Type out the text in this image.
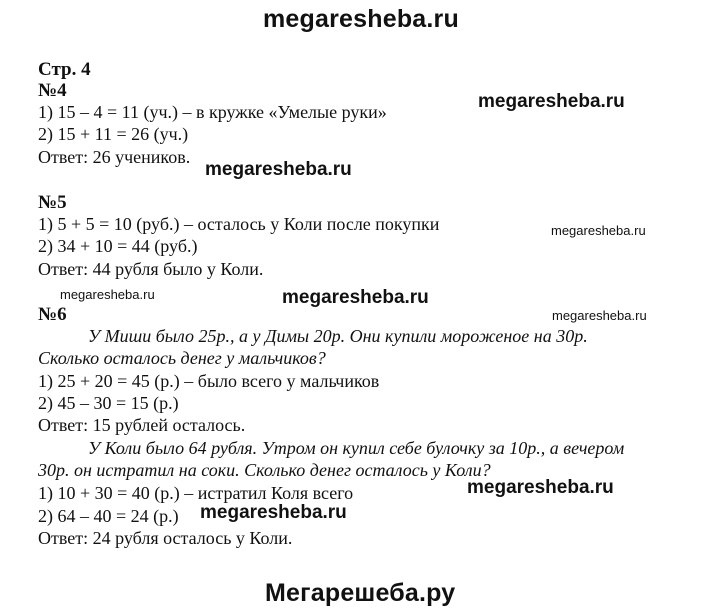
megaresheba.ru
Стр. 4
№4
1) 15 – 4 = 11 (уч.) – в кружке «Умелые руки»
2) 15 + 11 = 26 (уч.)
Ответ: 26 учеников.
№5
1) 5 + 5 = 10 (руб.) – осталось у Коли после покупки
2) 34 + 10 = 44 (руб.)
Ответ: 44 рубля было у Коли.
№6
У Миши было 25р., а у Димы 20р. Они купили мороженое на 30р.
Сколько осталось денег у мальчиков?
1) 25 + 20 = 45 (р.) – было всего у мальчиков
2) 45 – 30 = 15 (р.)
Ответ: 15 рублей осталось.
У Коли было 64 рубля. Утром он купил себе булочку за 10р., а вечером
30р. он истратил на соки. Сколько денег осталось у Коли?
1) 10 + 30 = 40 (р.) – истратил Коля всего
2) 64 – 40 = 24 (р.)
Ответ: 24 рубля осталось у Коли.
megaresheba.ru
megaresheba.ru
megaresheba.ru
megaresheba.ru	megaresheba.ru
megaresheba.ru
megaresheba.ru
megaresheba.ru
Мегарешеба.ру
